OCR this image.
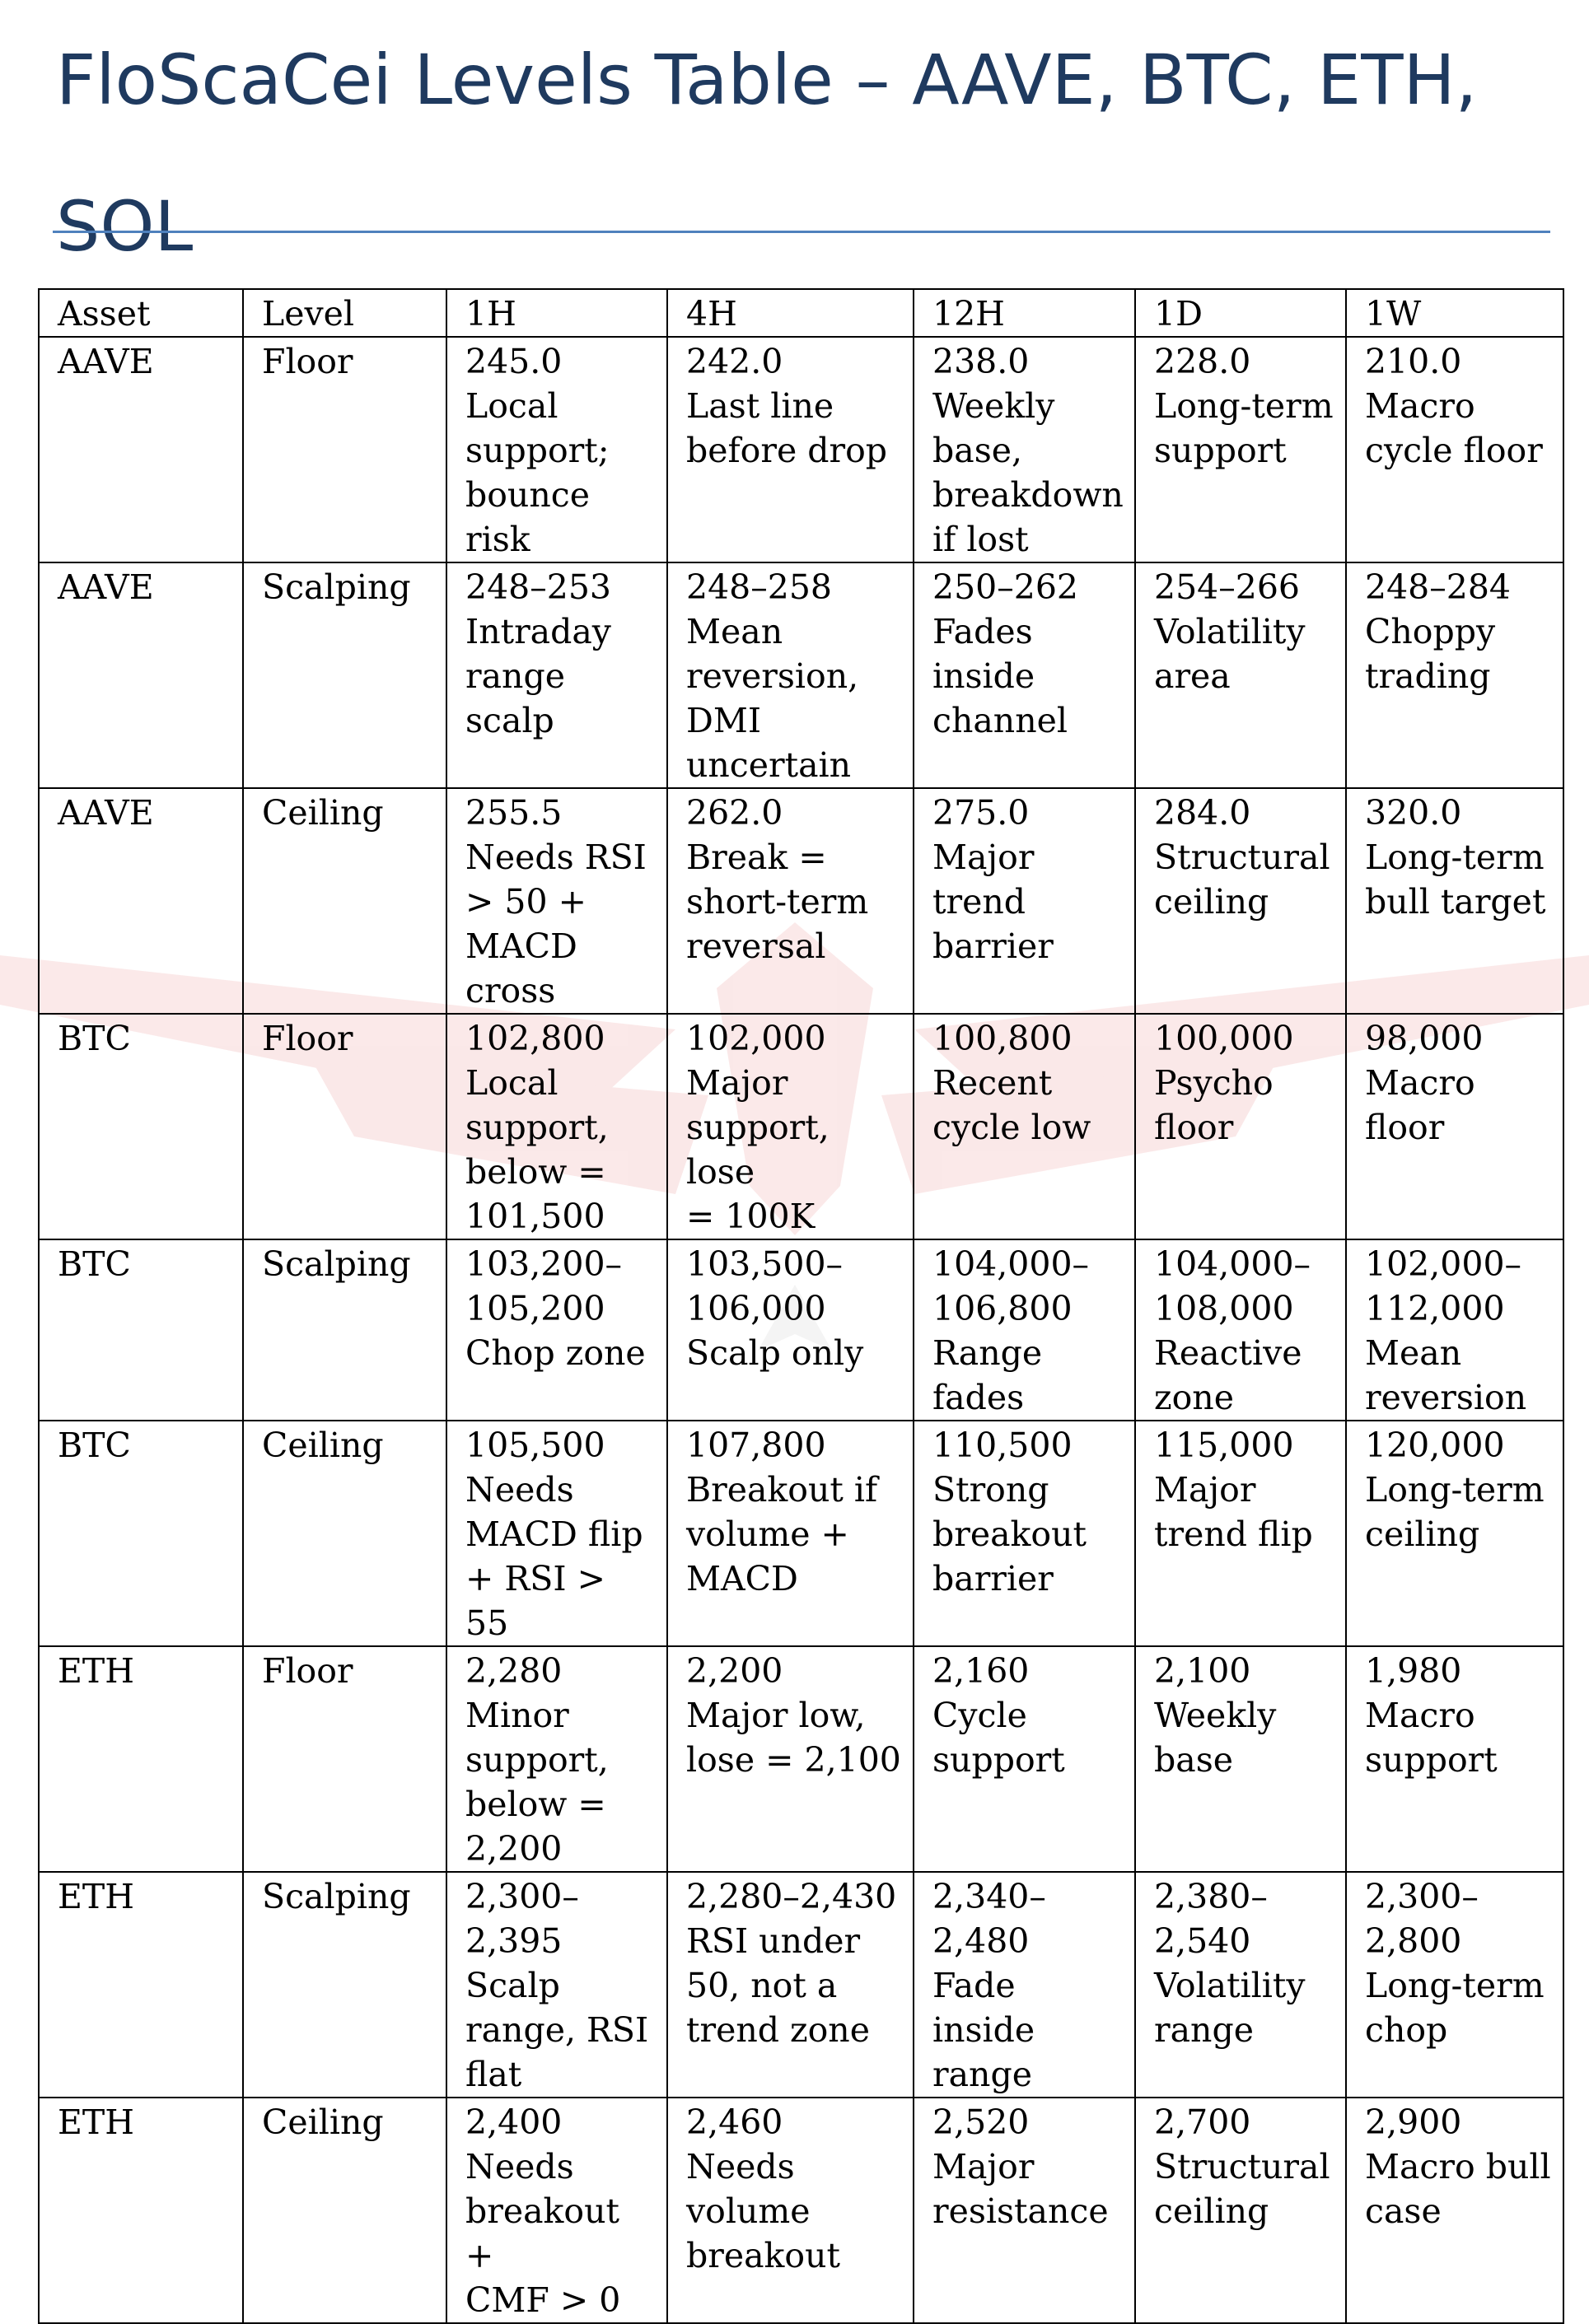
FloScaCei Levels Table – AAVE, BTC, ETH, SOL
Asset	Level	1H	4H	12H	1D	1W
AAVE	Floor	245.0
Local
support;
bounce
risk	242.0
Last line
before drop	238.0
Weekly
base,
breakdown
if lost	228.0
Long-term
support	210.0
Macro
cycle floor
AAVE	Scalping	248–253
Intraday
range scalp	248–258
Mean
reversion,
DMI
uncertain	250–262
Fades
inside
channel	254–266
Volatility
area	248–284
Choppy
trading
AAVE	Ceiling	255.5
Needs RSI
> 50 +
MACD
cross	262.0
Break =
short-term
reversal	275.0
Major
trend
barrier	284.0
Structural
ceiling	320.0
Long-term
bull target
BTC	Floor	102,800
Local
support,
below =
101,500	102,000
Major
support, lose
= 100K	100,800
Recent
cycle low	100,000
Psycho
floor	98,000
Macro
floor
BTC	Scalping	103,200–
105,200
Chop zone	103,500–
106,000
Scalp only	104,000–
106,800
Range
fades	104,000–
108,000
Reactive
zone	102,000–
112,000
Mean
reversion
BTC	Ceiling	105,500
Needs
MACD flip
+ RSI > 55	107,800
Breakout if
volume +
MACD	110,500
Strong
breakout
barrier	115,000
Major
trend flip	120,000
Long-term
ceiling
ETH	Floor	2,280
Minor
support,
below =
2,200	2,200
Major low,
lose = 2,100	2,160
Cycle
support	2,100
Weekly
base	1,980
Macro
support
ETH	Scalping	2,300–
2,395
Scalp
range, RSI
flat	2,280–2,430
RSI under
50, not a
trend zone	2,340–
2,480
Fade inside
range	2,380–
2,540
Volatility
range	2,300–
2,800
Long-term
chop
ETH	Ceiling	2,400
Needs
breakout +
CMF > 0	2,460
Needs
volume
breakout	2,520
Major
resistance	2,700
Structural
ceiling	2,900
Macro bull
case
